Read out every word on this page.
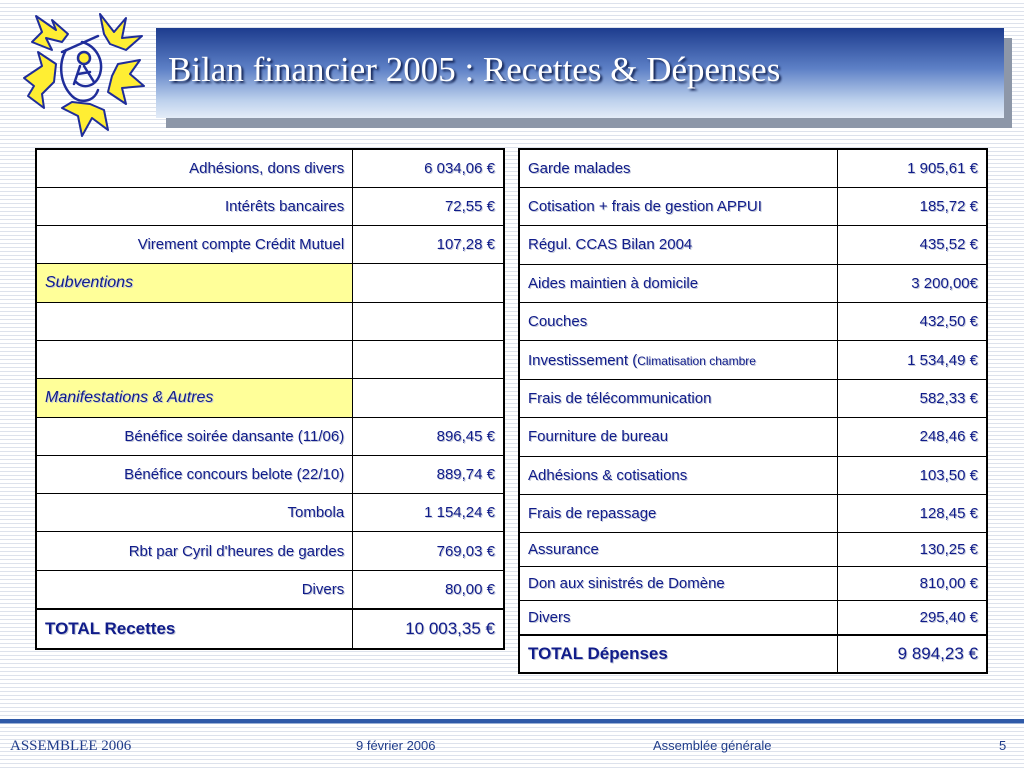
Bilan financier 2005 : Recettes & Dépenses
Adhésions, dons divers	6 034,06 €
Intérêts bancaires	72,55 €
Virement compte Crédit Mutuel	107,28 €
Subventions	

Manifestations & Autres	
Bénéfice soirée dansante (11/06)	896,45 €
Bénéfice concours belote (22/10)	889,74 €
Tombola	1 154,24 €
Rbt par Cyril d'heures de gardes	769,03 €
Divers	80,00 €
TOTAL Recettes	10 003,35 €
Garde malades	1 905,61 €
Cotisation + frais de gestion APPUI	185,72 €
Régul. CCAS Bilan 2004	435,52 €
Aides maintien à domicile	3 200,00€
Couches	432,50 €
Investissement (Climatisation chambre	1 534,49 €
Frais de télécommunication	582,33 €
Fourniture de bureau	248,46 €
Adhésions & cotisations	103,50 €
Frais de repassage	128,45 €
Assurance	130,25 €
Don aux sinistrés de Domène	810,00 €
Divers	295,40 €
TOTAL Dépenses	9 894,23 €
ASSEMBLEE 2006	9 février 2006	Assemblée générale	5
